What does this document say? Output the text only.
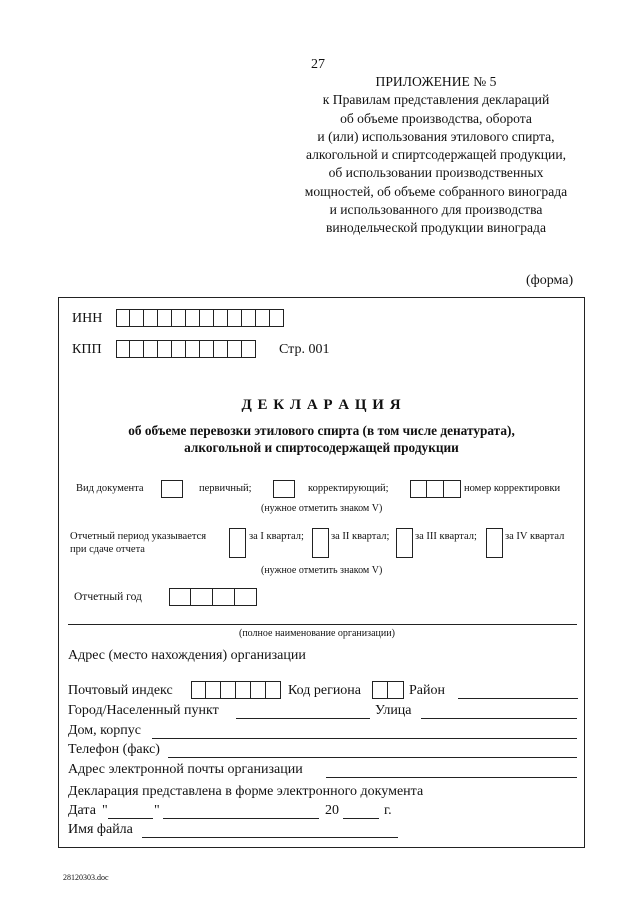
27
ПРИЛОЖЕНИЕ № 5
к Правилам представления деклараций
об объеме производства, оборота
и (или) использования этилового спирта,
алкогольной и спиртсодержащей продукции,
об использовании производственных
мощностей, об объеме собранного винограда
и использованного для производства
винодельческой продукции винограда
(форма)
ИНН
КПП	Стр. 001
Д Е К Л А Р А Ц И Я
об объеме перевозки этилового спирта (в том числе денатурата),
алкогольной и спиртосодержащей продукции
Вид документа	первичный;	корректирующий;	номер корректировки
(нужное отметить знаком V)
Отчетный период указывается
при сдаче отчета
за I квартал;	за II квартал; за III квартал;	за IV квартал
(нужное отметить знаком V)
Отчетный год
(полное наименование организации)
Адрес (место нахождения) организации
Почтовый индекс	Код региона	Район
Город/Населенный пункт	Улица
Дом, корпус
Телефон (факс)
Адрес электронной почты организации
Декларация представлена в форме электронного документа
Дата "	"	20	г.
Имя файла
28120303.doc
